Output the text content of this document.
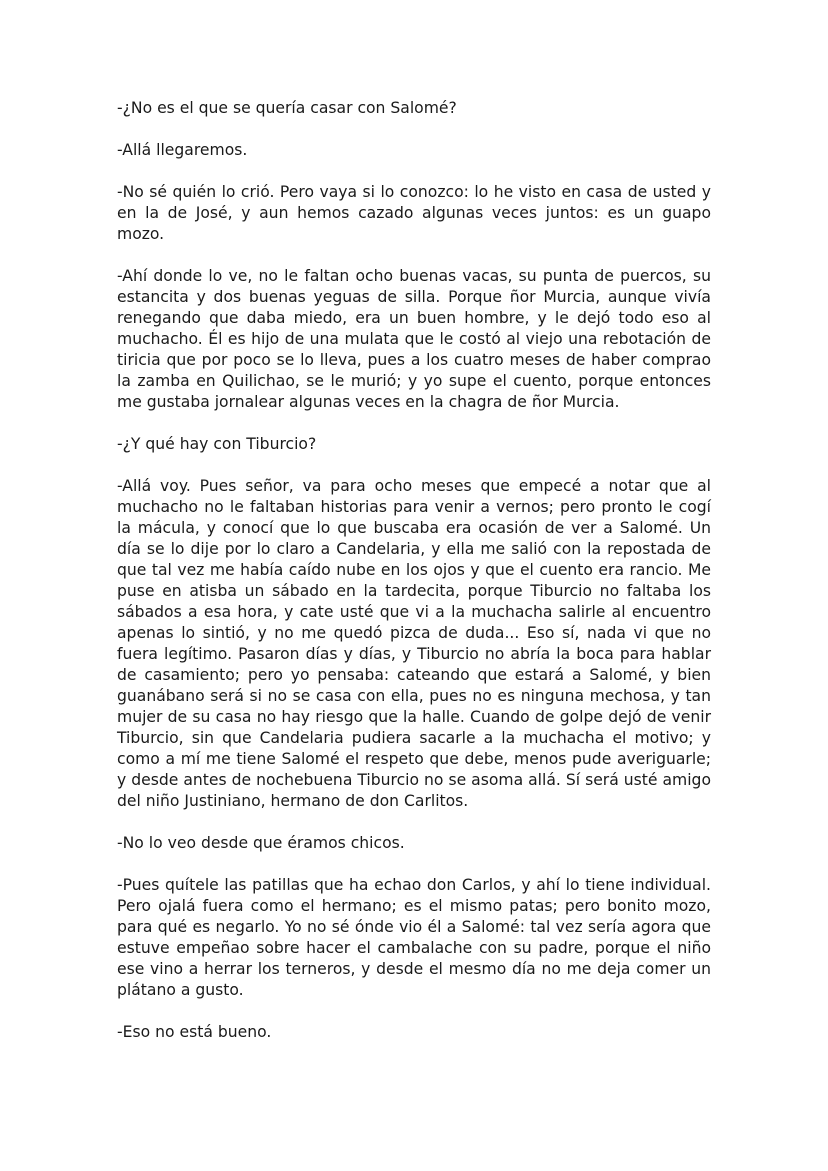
-¿No es el que se quería casar con Salomé?

-Allá llegaremos.

-No sé quién lo crió. Pero vaya si lo conozco: lo he visto en casa de usted y en la de José, y aun hemos cazado algunas veces juntos: es un guapo mozo.

-Ahí donde lo ve, no le faltan ocho buenas vacas, su punta de puercos, su estancita y dos buenas yeguas de silla. Porque ñor Murcia, aunque vivía renegando que daba miedo, era un buen hombre, y le dejó todo eso al muchacho. Él es hijo de una mulata que le costó al viejo una rebotación de tiricia que por poco se lo lleva, pues a los cuatro meses de haber comprao la zamba en Quilichao, se le murió; y yo supe el cuento, porque entonces me gustaba jornalear algunas veces en la chagra de ñor Murcia.

-¿Y qué hay con Tiburcio?

-Allá voy. Pues señor, va para ocho meses que empecé a notar que al muchacho no le faltaban historias para venir a vernos; pero pronto le cogí la mácula, y conocí que lo que buscaba era ocasión de ver a Salomé. Un día se lo dije por lo claro a Candelaria, y ella me salió con la repostada de que tal vez me había caído nube en los ojos y que el cuento era rancio. Me puse en atisba un sábado en la tardecita, porque Tiburcio no faltaba los sábados a esa hora, y cate usté que vi a la muchacha salirle al encuentro apenas lo sintió, y no me quedó pizca de duda... Eso sí, nada vi que no fuera legítimo. Pasaron días y días, y Tiburcio no abría la boca para hablar de casamiento; pero yo pensaba: cateando que estará a Salomé, y bien guanábano será si no se casa con ella, pues no es ninguna mechosa, y tan mujer de su casa no hay riesgo que la halle. Cuando de golpe dejó de venir Tiburcio, sin que Candelaria pudiera sacarle a la muchacha el motivo; y como a mí me tiene Salomé el respeto que debe, menos pude averiguarle; y desde antes de nochebuena Tiburcio no se asoma allá. Sí será usté amigo del niño Justiniano, hermano de don Carlitos.

-No lo veo desde que éramos chicos.

-Pues quítele las patillas que ha echao don Carlos, y ahí lo tiene individual. Pero ojalá fuera como el hermano; es el mismo patas; pero bonito mozo, para qué es negarlo. Yo no sé ónde vio él a Salomé: tal vez sería agora que estuve empeñao sobre hacer el cambalache con su padre, porque el niño ese vino a herrar los terneros, y desde el mesmo día no me deja comer un plátano a gusto.

-Eso no está bueno.
